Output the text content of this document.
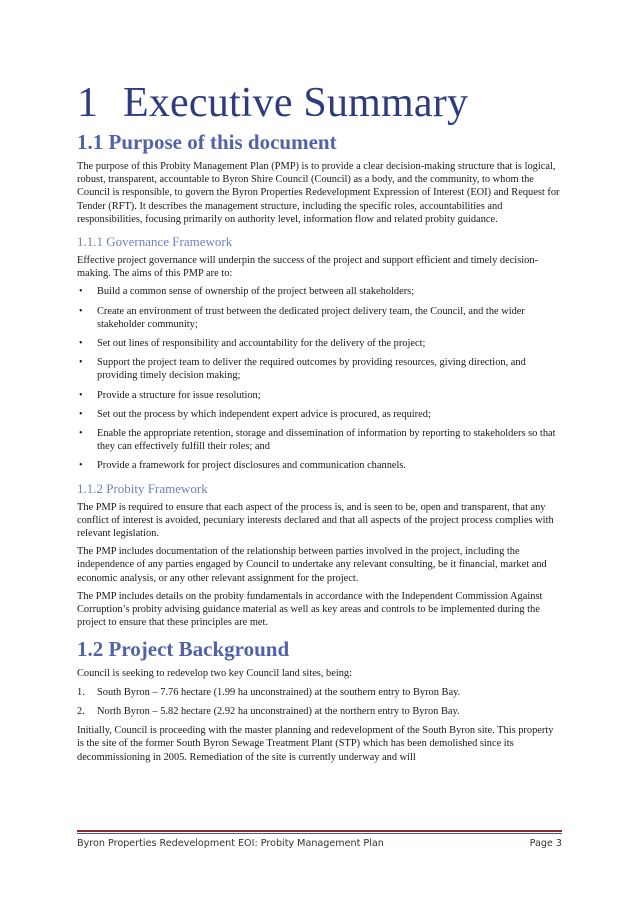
1 Executive Summary
1.1 Purpose of this document

The purpose of this Probity Management Plan (PMP) is to provide a clear decision-making structure that is logical, robust, transparent, accountable to Byron Shire Council (Council) as a body, and the community, to whom the Council is responsible, to govern the Byron Properties Redevelopment Expression of Interest (EOI) and Request for Tender (RFT). It describes the management structure, including the specific roles, accountabilities and responsibilities, focusing primarily on authority level, information flow and related probity guidance.

1.1.1 Governance Framework

Effective project governance will underpin the success of the project and support efficient and timely decision-making. The aims of this PMP are to:

• Build a common sense of ownership of the project between all stakeholders;
• Create an environment of trust between the dedicated project delivery team, the Council, and the wider stakeholder community;
• Set out lines of responsibility and accountability for the delivery of the project;
• Support the project team to deliver the required outcomes by providing resources, giving direction, and providing timely decision making;
• Provide a structure for issue resolution;
• Set out the process by which independent expert advice is procured, as required;
• Enable the appropriate retention, storage and dissemination of information by reporting to stakeholders so that they can effectively fulfill their roles; and
• Provide a framework for project disclosures and communication channels.
1.1.2 Probity Framework

The PMP is required to ensure that each aspect of the process is, and is seen to be, open and transparent, that any conflict of interest is avoided, pecuniary interests declared and that all aspects of the project process complies with relevant legislation.

The PMP includes documentation of the relationship between parties involved in the project, including the independence of any parties engaged by Council to undertake any relevant consulting, be it financial, market and economic analysis, or any other relevant assignment for the project.

The PMP includes details on the probity fundamentals in accordance with the Independent Commission Against Corruption’s probity advising guidance material as well as key areas and controls to be implemented during the project to ensure that these principles are met.

1.2 Project Background

Council is seeking to redevelop two key Council land sites, being:

1. South Byron – 7.76 hectare (1.99 ha unconstrained) at the southern entry to Byron Bay.
2. North Byron – 5.82 hectare (2.92 ha unconstrained) at the northern entry to Byron Bay.

Initially, Council is proceeding with the master planning and redevelopment of the South Byron site. This property is the site of the former South Byron Sewage Treatment Plant (STP) which has been demolished since its decommissioning in 2005. Remediation of the site is currently underway and will

Byron Properties Redevelopment EOI: Probity Management Plan	Page 3
